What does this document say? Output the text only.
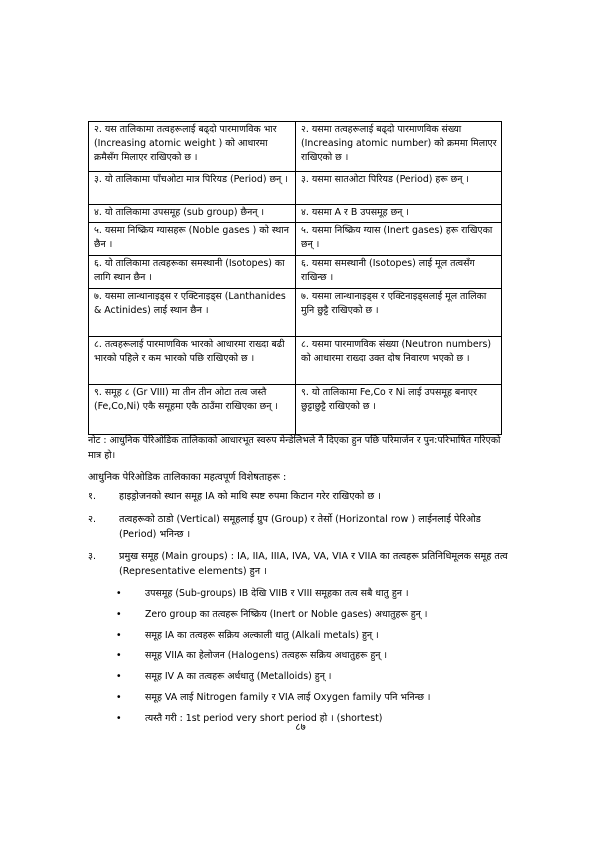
२. यस तालिकामा तत्वहरूलाई बढ्दो पारमाणविक भार (Increasing atomic weight ) को आधारमा क्रमैसँग मिलाएर राखिएको छ ।	२. यसमा तत्वहरूलाई बढ्दो पारमाणविक संख्या (Increasing atomic number) को क्रममा मिलाएर राखिएको छ ।
३. यो तालिकामा पाँचओटा मात्र पिरियड (Period) छन् ।	३. यसमा सातओटा पिरियड (Period) हरू छन् ।
४. यो तालिकामा उपसमूह (sub group) छैनन् ।	४. यसमा A र B उपसमूह छन् ।
५. यसमा निष्क्रिय ग्यासहरू (Noble gases ) को स्थान छैन ।	५. यसमा निष्क्रिय ग्यास (Inert gases) हरू राखिएका छन् ।
६. यो तालिकामा तत्वहरूका समस्थानी (Isotopes) का लागि स्थान छैन ।	६. यसमा समस्थानी (Isotopes) लाई मूल तत्वसँग राखिन्छ ।
७. यसमा लान्थानाइड्स र एक्टिनाइड्स (Lanthanides & Actinides) लाई स्थान छैन ।	७. यसमा लान्थानाइड्स र एक्टिनाइड्सलाई मूल तालिका मुनि छुट्टै राखिएको छ ।
८. तत्वहरूलाई पारमाणविक भारको आधारमा राख्दा बढी भारको पहिले र कम भारको पछि राखिएको छ ।	८. यसमा पारमाणविक संख्या (Neutron numbers) को आधारमा राख्दा उक्त दोष निवारण भएको छ ।
९. समूह ८ (Gr VIII) मा तीन तीन ओटा तत्व जस्तै (Fe,Co,Ni) एकै समूहमा एकै ठाउँमा राखिएका छन् ।	९. यो तालिकामा Fe,Co र Ni लाई उपसमूह बनाएर छुट्टाछुट्टै राखिएको छ ।
नोट : आधुनिक पेरिओडिक तालिकाको आधारभूत स्वरुप मेन्डेलिभले नै दिएका हुन पछि परिमार्जन र पुन:परिभाषित गरिएको मात्र हो।
आधुनिक पेरिओडिक तालिकाका महत्वपूर्ण विशेषताहरू :
१. हाइड्रोजनको स्थान समूह IA को माथि स्पष्ट रुपमा किटान गरेर राखिएको छ ।
२. तत्वहरूको ठाडो (Vertical) समूहलाई ग्रुप (Group) र तेर्सो (Horizontal row ) लाईनलाई पेरिओड (Period) भनिन्छ ।
३. प्रमुख समूह (Main groups) : IA, IIA, IIIA, IVA, VA, VIA र VIIA का तत्वहरू प्रतिनिधिमूलक समूह तत्व (Representative elements) हुन ।
• उपसमूह (Sub-groups) IB देखि VIIB र VIII समूहका तत्व सबै धातु हुन ।
• Zero group का तत्वहरू निष्क्रिय (Inert or Noble gases) अधातुहरू हुन् ।
• समूह IA का तत्वहरू सक्रिय अल्काली धातु (Alkali metals) हुन् ।
• समूह VIIA का हेलोजन (Halogens) तत्वहरू सक्रिय अधातुहरू हुन् ।
• समूह IV A का तत्वहरू अर्धधातु (Metalloids) हुन् ।
• समूह VA लाई Nitrogen family र VIA लाई Oxygen family पनि भनिन्छ ।
• त्यस्तै गरी : 1st period very short period हो । (shortest)
८७
